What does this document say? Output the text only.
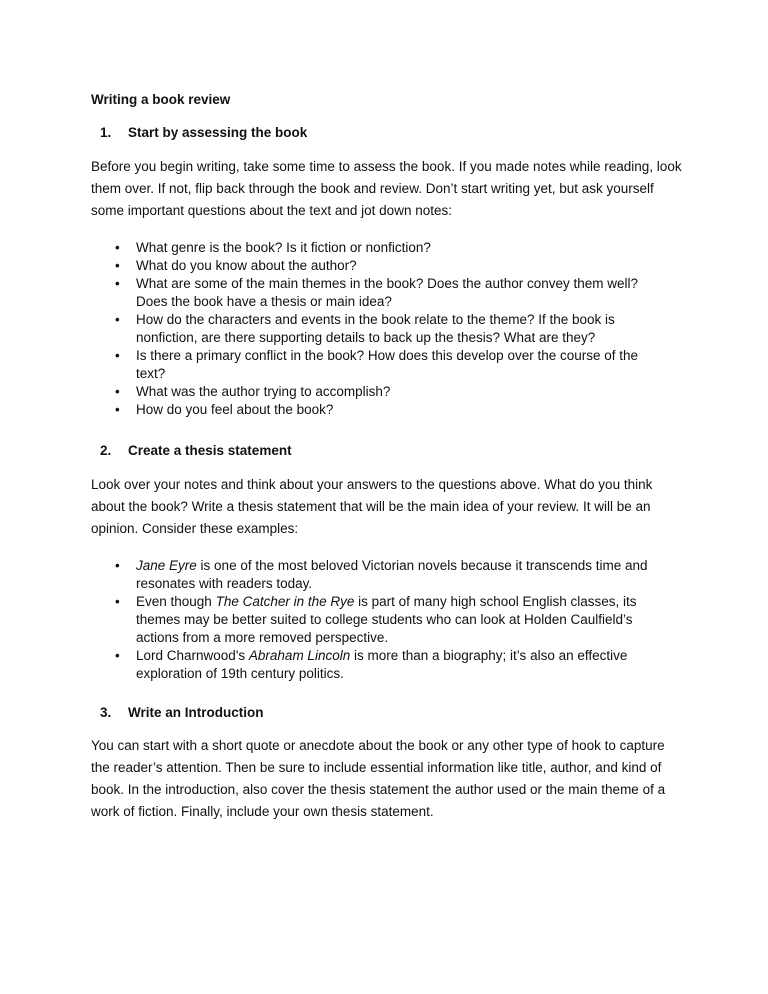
Writing a book review
1.	Start by assessing the book

Before you begin writing, take some time to assess the book. If you made notes while reading, look them over. If not, flip back through the book and review. Don’t start writing yet, but ask yourself some important questions about the text and jot down notes:

• What genre is the book? Is it fiction or nonfiction?
• What do you know about the author?
• What are some of the main themes in the book? Does the author convey them well? Does the book have a thesis or main idea?
• How do the characters and events in the book relate to the theme? If the book is nonfiction, are there supporting details to back up the thesis? What are they?
• Is there a primary conflict in the book? How does this develop over the course of the text?
• What was the author trying to accomplish?
• How do you feel about the book?
2.	Create a thesis statement

Look over your notes and think about your answers to the questions above. What do you think about the book? Write a thesis statement that will be the main idea of your review. It will be an opinion. Consider these examples:

• Jane Eyre is one of the most beloved Victorian novels because it transcends time and resonates with readers today.
• Even though The Catcher in the Rye is part of many high school English classes, its themes may be better suited to college students who can look at Holden Caulfield’s actions from a more removed perspective.
• Lord Charnwood's Abraham Lincoln is more than a biography; it’s also an effective exploration of 19th century politics.
3.	Write an Introduction

You can start with a short quote or anecdote about the book or any other type of hook to capture the reader’s attention. Then be sure to include essential information like title, author, and kind of book. In the introduction, also cover the thesis statement the author used or the main theme of a work of fiction. Finally, include your own thesis statement.
